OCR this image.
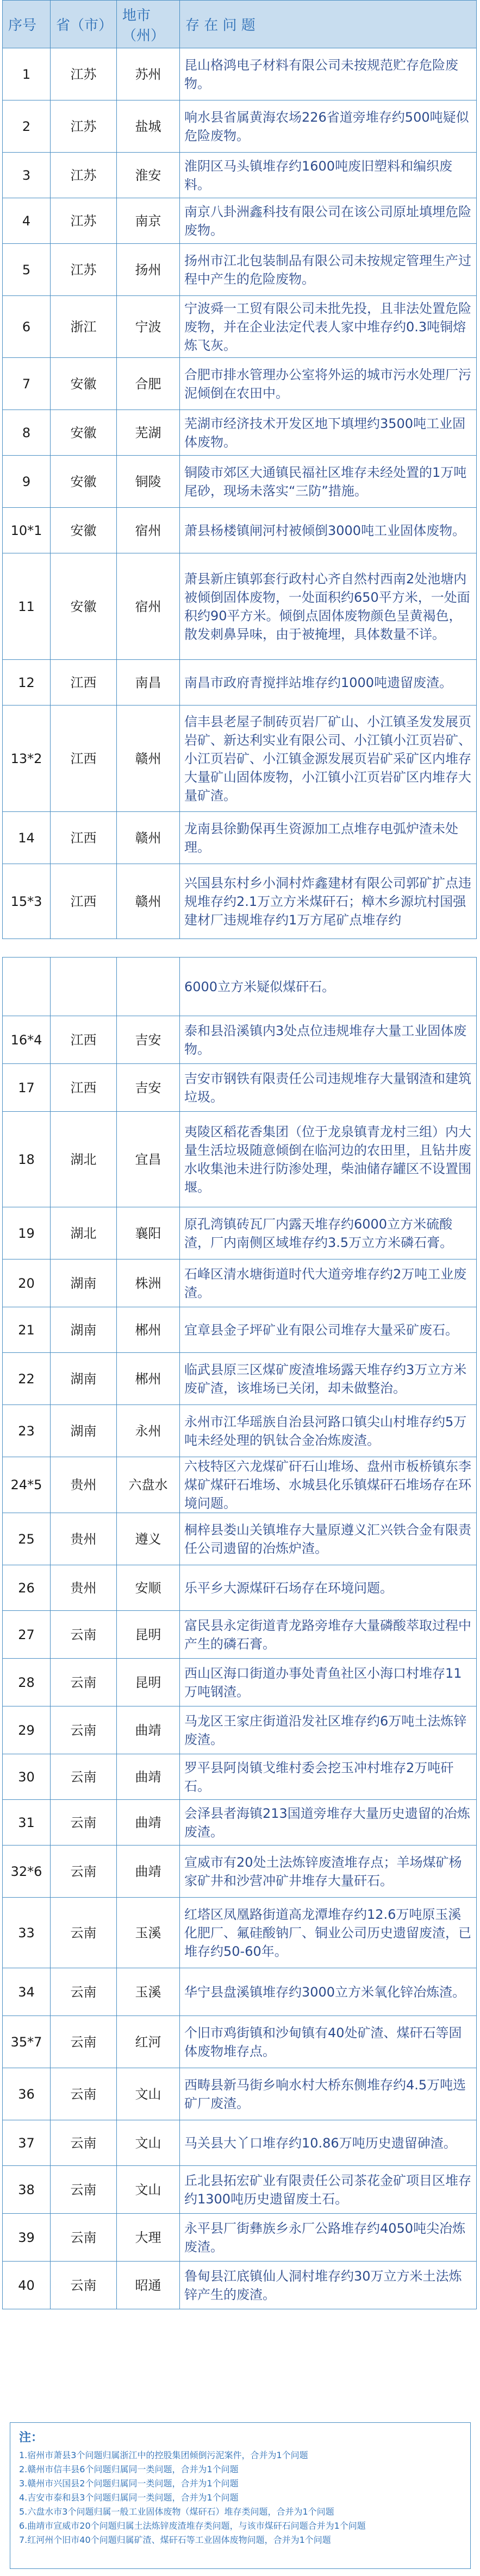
序号	省（市）	地市（州）	存 在 问 题
1	江苏	苏州	昆山格鸿电子材料有限公司未按规范贮存危险废物。
2	江苏	盐城	响水县省属黄海农场226省道旁堆存约500吨疑似危险废物。
3	江苏	淮安	淮阴区马头镇堆存约1600吨废旧塑料和编织废料。
4	江苏	南京	南京八卦洲鑫科技有限公司在该公司原址填埋危险废物。
5	江苏	扬州	扬州市江北包装制品有限公司未按规定管理生产过程中产生的危险废物。
6	浙江	宁波	宁波舜一工贸有限公司未批先投，且非法处置危险废物，并在企业法定代表人家中堆存约0.3吨铜熔炼飞灰。
7	安徽	合肥	合肥市排水管理办公室将外运的城市污水处理厂污泥倾倒在农田中。
8	安徽	芜湖	芜湖市经济技术开发区地下填埋约3500吨工业固体废物。
9	安徽	铜陵	铜陵市郊区大通镇民福社区堆存未经处置的1万吨尾砂，现场未落实“三防”措施。
10*1	安徽	宿州	萧县杨楼镇闸河村被倾倒3000吨工业固体废物。
11	安徽	宿州	萧县新庄镇郭套行政村心齐自然村西南2处池塘内被倾倒固体废物，一处面积约650平方米，一处面积约90平方米。倾倒点固体废物颜色呈黄褐色，散发刺鼻异味，由于被掩埋，具体数量不详。
12	江西	南昌	南昌市政府青搅拌站堆存约1000吨遗留废渣。
13*2	江西	赣州	信丰县老屋子制砖页岩厂矿山、小江镇圣发发展页岩矿、新达利实业有限公司、小江镇小江页岩矿、小江页岩矿、小江镇金源发展页岩矿采矿区内堆存大量矿山固体废物，小江镇小江页岩矿区内堆存大量矿渣。
14	江西	赣州	龙南县徐勤保再生资源加工点堆存电弧炉渣未处理。
15*3	江西	赣州	兴国县东村乡小洞村炸鑫建材有限公司郭矿扩点违规堆存约2.1万立方米煤矸石；樟木乡源坑村国强建材厂违规堆存约1万方尾矿点堆存约
			6000立方米疑似煤矸石。
16*4	江西	吉安	泰和县沿溪镇内3处点位违规堆存大量工业固体废物。
17	江西	吉安	吉安市钢铁有限责任公司违规堆存大量钢渣和建筑垃圾。
18	湖北	宜昌	夷陵区稻花香集团（位于龙泉镇青龙村三组）内大量生活垃圾随意倾倒在临河边的农田里，且钻井废水收集池未进行防渗处理，柴油储存罐区不设置围堰。
19	湖北	襄阳	原孔湾镇砖瓦厂内露天堆存约6000立方米硫酸渣，厂内南侧区域堆存约3.5万立方米磷石膏。
20	湖南	株洲	石峰区清水塘街道时代大道旁堆存约2万吨工业废渣。
21	湖南	郴州	宜章县金子坪矿业有限公司堆存大量采矿废石。
22	湖南	郴州	临武县原三区煤矿废渣堆场露天堆存约3万立方米废矿渣，该堆场已关闭，却未做整治。
23	湖南	永州	永州市江华瑶族自治县河路口镇尖山村堆存约5万吨未经处理的钒钛合金冶炼废渣。
24*5	贵州	六盘水	六枝特区六龙煤矿矸石山堆场、盘州市板桥镇东李煤矿煤矸石堆场、水城县化乐镇煤矸石堆场存在环境问题。
25	贵州	遵义	桐梓县娄山关镇堆存大量原遵义汇兴铁合金有限责任公司遗留的冶炼炉渣。
26	贵州	安顺	乐平乡大源煤矸石场存在环境问题。
27	云南	昆明	富民县永定街道青龙路旁堆存大量磷酸萃取过程中产生的磷石膏。
28	云南	昆明	西山区海口街道办事处青鱼社区小海口村堆存11万吨钢渣。
29	云南	曲靖	马龙区王家庄街道沿发社区堆存约6万吨土法炼锌废渣。
30	云南	曲靖	罗平县阿岗镇戈维村委会挖玉冲村堆存2万吨矸石。
31	云南	曲靖	会泽县者海镇213国道旁堆存大量历史遗留的冶炼废渣。
32*6	云南	曲靖	宣威市有20处土法炼锌废渣堆存点；羊场煤矿杨家矿井和沙营冲矿井堆存大量矸石。
33	云南	玉溪	红塔区凤凰路街道高龙潭堆存约12.6万吨原玉溪化肥厂、氟硅酸钠厂、铜业公司历史遗留废渣，已堆存约50-60年。
34	云南	玉溪	华宁县盘溪镇堆存约3000立方米氧化锌冶炼渣。
35*7	云南	红河	个旧市鸡街镇和沙甸镇有40处矿渣、煤矸石等固体废物堆存点。
36	云南	文山	西畴县新马街乡响水村大桥东侧堆存约4.5万吨选矿厂废渣。
37	云南	文山	马关县大丫口堆存约10.86万吨历史遗留砷渣。
38	云南	文山	丘北县拓宏矿业有限责任公司茶花金矿项目区堆存约1300吨历史遗留废土石。
39	云南	大理	永平县厂街彝族乡永厂公路堆存约4050吨尖冶炼废渣。
40	云南	昭通	鲁甸县江底镇仙人洞村堆存约30万立方米土法炼锌产生的废渣。
注：
1.宿州市萧县3个问题归属浙江中的控股集团倾倒污泥案件，合并为1个问题
2.赣州市信丰县6个问题归属同一类问题，合并为1个问题
3.赣州市兴国县2个问题归属同一类问题，合并为1个问题
4.吉安市泰和县3个问题归属同一类问题，合并为1个问题
5.六盘水市3个问题归属一般工业固体废物（煤矸石）堆存类问题，合并为1个问题
6.曲靖市宣威市20个问题归属土法炼锌废渣堆存类问题，与该市煤矸石问题合并为1个问题
7.红河州个旧市40个问题归属矿渣、煤矸石等工业固体废物问题，合并为1个问题
